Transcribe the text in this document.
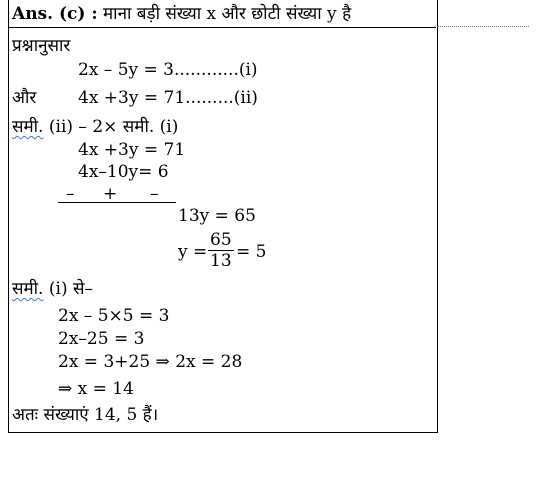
Ans. (c) : माना बड़ी संख्या x और छोटी संख्या y है
प्रश्नानुसार
2x – 5y = 3............(i)
और 4x +3y = 71.........(ii)
समी. (ii) – 2× समी. (i)
4x +3y = 71
4x–10y= 6
– + –
13y = 65
$y = \frac{65}{13} = 5$
समी. (i) से–
2x – 5×5 = 3
2x–25 = 3
2x = 3+25 ⇒ 2x = 28
⇒ x = 14
अतः संख्याएं 14, 5 हैं।
